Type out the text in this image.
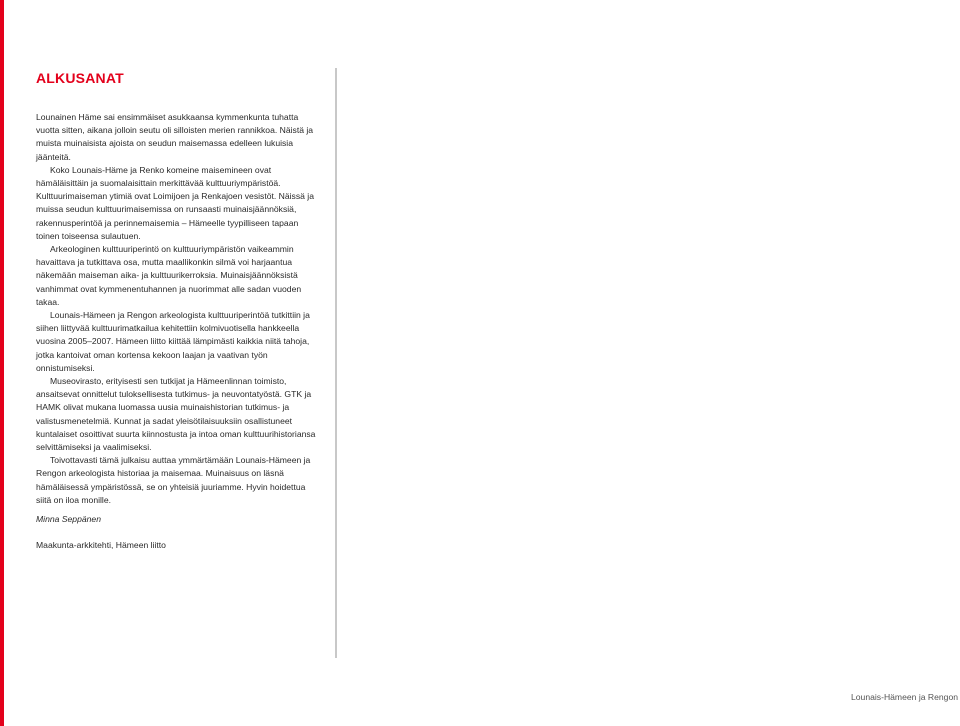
ALKUSANAT

Lounainen Häme sai ensimmäiset asukkaansa kymmenkunta tuhatta vuotta sitten, aikana jolloin seutu oli silloisten merien rannikkoa. Näistä ja muista muinaisista ajoista on seudun maisemassa edelleen lukuisia jäänteitä.

Koko Lounais-Häme ja Renko komeine maisemineen ovat hämäläisittäin ja suomalaisittain merkittävää kulttuuriympäristöä. Kulttuurimaiseman ytimiä ovat Loimijoen ja Renkajoen vesistöt. Näissä ja muissa seudun kulttuurimaisemissa on runsaasti muinaisjäännöksiä, rakennusperintöä ja perinnemaisemia – Hämeelle tyypilliseen tapaan toinen toiseensa sulautuen.

Arkeologinen kulttuuriperintö on kulttuuriympäristön vaikeammin havaittava ja tutkittava osa, mutta maallikonkin silmä voi harjaantua näkemään maiseman aika- ja kulttuurikerroksia. Muinaisjäännöksistä vanhimmat ovat kymmenentuhannen ja nuorimmat alle sadan vuoden takaa.

Lounais-Hämeen ja Rengon arkeologista kulttuuriperintöä tutkittiin ja siihen liittyvää kulttuurimatkailua kehitettiin kolmivuotisella hankkeella vuosina 2005–2007. Hämeen liitto kiittää lämpimästi kaikkia niitä tahoja, jotka kantoivat oman kortensa kekoon laajan ja vaativan työn onnistumiseksi.

Museovirasto, erityisesti sen tutkijat ja Hämeenlinnan toimisto, ansaitsevat onnittelut tuloksellisesta tutkimus- ja neuvontatyöstä. GTK ja HAMK olivat mukana luomassa uusia muinaishistorian tutkimus- ja valistusmenetelmiä. Kunnat ja sadat yleisötilaisuuksiin osallistuneet kuntalaiset osoittivat suurta kiinnostusta ja intoa oman kulttuurihistoriansa selvittämiseksi ja vaalimiseksi.

Toivottavasti tämä julkaisu auttaa ymmärtämään Lounais-Hämeen ja Rengon arkeologista historiaa ja maisemaa. Muinaisuus on läsnä hämäläisessä ympäristössä, se on yhteisiä juuriamme. Hyvin hoidettua siitä on iloa monille.

Minna Seppänen
Maakunta-arkkitehti, Hämeen liitto
Lounais-Hämeen ja Rengon
